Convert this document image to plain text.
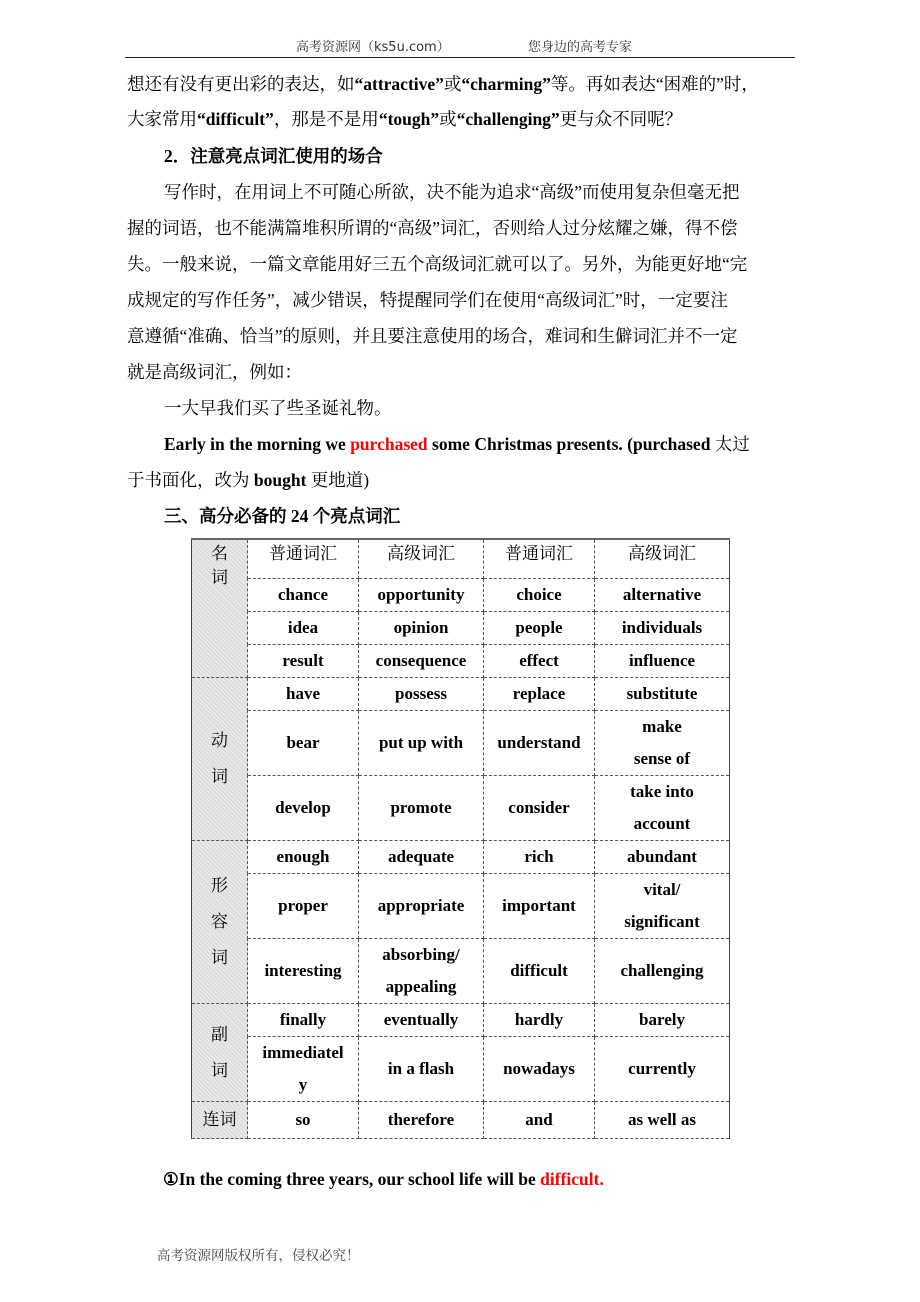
高考资源网（ks5u.com）	您身边的高考专家
想还有没有更出彩的表达，如“attractive”或“charming”等。再如表达“困难的”时，
大家常用“difficult”，那是不是用“tough”或“challenging”更与众不同呢？
2．注意亮点词汇使用的场合
写作时，在用词上不可随心所欲，决不能为追求“高级”而使用复杂但毫无把
握的词语，也不能满篇堆积所谓的“高级”词汇，否则给人过分炫耀之嫌，得不偿
失。一般来说，一篇文章能用好三五个高级词汇就可以了。另外，为能更好地“完
成规定的写作任务”，减少错误，特提醒同学们在使用“高级词汇”时，一定要注
意遵循“准确、恰当”的原则，并且要注意使用的场合，难词和生僻词汇并不一定
就是高级词汇，例如：
一大早我们买了些圣诞礼物。
Early in the morning we purchased some Christmas presents. (purchased 太过
于书面化，改为 bought 更地道)
三、高分必备的 24 个亮点词汇
名
词	普通词汇	高级词汇	普通词汇	高级词汇
	chance	opportunity	choice	alternative
	idea	opinion	people	individuals
	result	consequence	effect	influence

动
词	have	possess	replace	substitute
	bear	put up with	understand	make
sense of

	develop	promote	consider	take into
account

形
容
词	enough	adequate	rich	abundant
	proper	appropriate	important	vital/
significant

	interesting	absorbing/
appealing	difficult	challenging

副
词	finally	eventually	hardly	barely

	immediatel
y	in a flash	nowadays	currently

连词	so	therefore	and	as well as
①In the coming three years, our school life will be difficult.
高考资源网版权所有，侵权必究！
